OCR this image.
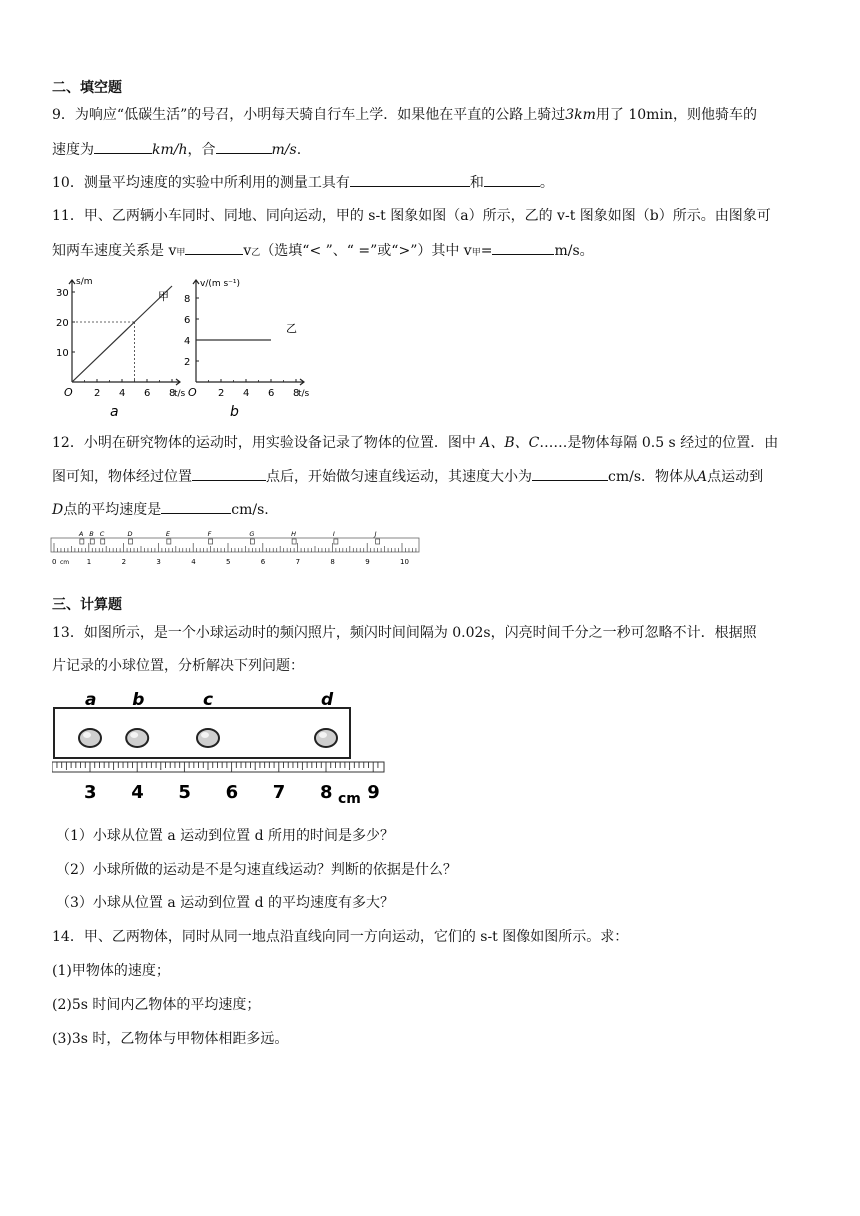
二、填空题
9．为响应“低碳生活”的号召，小明每天骑自行车上学．如果他在平直的公路上骑过3km用了 10min，则他骑车的
速度为	km/h，合	m/s.
10．测量平均速度的实验中所利用的测量工具有	和	。
11．甲、乙两辆小车同时、同地、同向运动，甲的 s-t 图象如图（a）所示，乙的 v-t 图象如图（b）所示。由图象可
知两车速度关系是 v甲	v乙（选填“< ”、“ =”或“>”）其中 v甲=	m/s。
s/m
t/s
O
a
2 4 6 8
10
20
30	甲
v/(m s⁻¹)
t/s
O
b
2 4 6 8
2
4
6
8
乙
12．小明在研究物体的运动时，用实验设备记录了物体的位置．图中 A、B、C……是物体每隔 0.5 s 经过的位置．由
图可知，物体经过位置	点后，开始做匀速直线运动，其速度大小为	cm/s．物体从A点运动到
D点的平均速度是	cm/s.
0	1	2	3	4	5	6	7	8	9	10
cm
A B C	D	E	F	G	H	I	J
三、计算题
13．如图所示，是一个小球运动时的频闪照片，频闪时间间隔为 0.02s，闪亮时间千分之一秒可忽略不计．根据照
片记录的小球位置，分析解决下列问题：
3 4 5 6 7 8 9
cm
a b	c	d
（1）小球从位置 a 运动到位置 d 所用的时间是多少？
（2）小球所做的运动是不是匀速直线运动？判断的依据是什么？
（3）小球从位置 a 运动到位置 d 的平均速度有多大？
14．甲、乙两物体，同时从同一地点沿直线向同一方向运动，它们的 s-t 图像如图所示。求：
(1)甲物体的速度；
(2)5s 时间内乙物体的平均速度；
(3)3s 时，乙物体与甲物体相距多远。
